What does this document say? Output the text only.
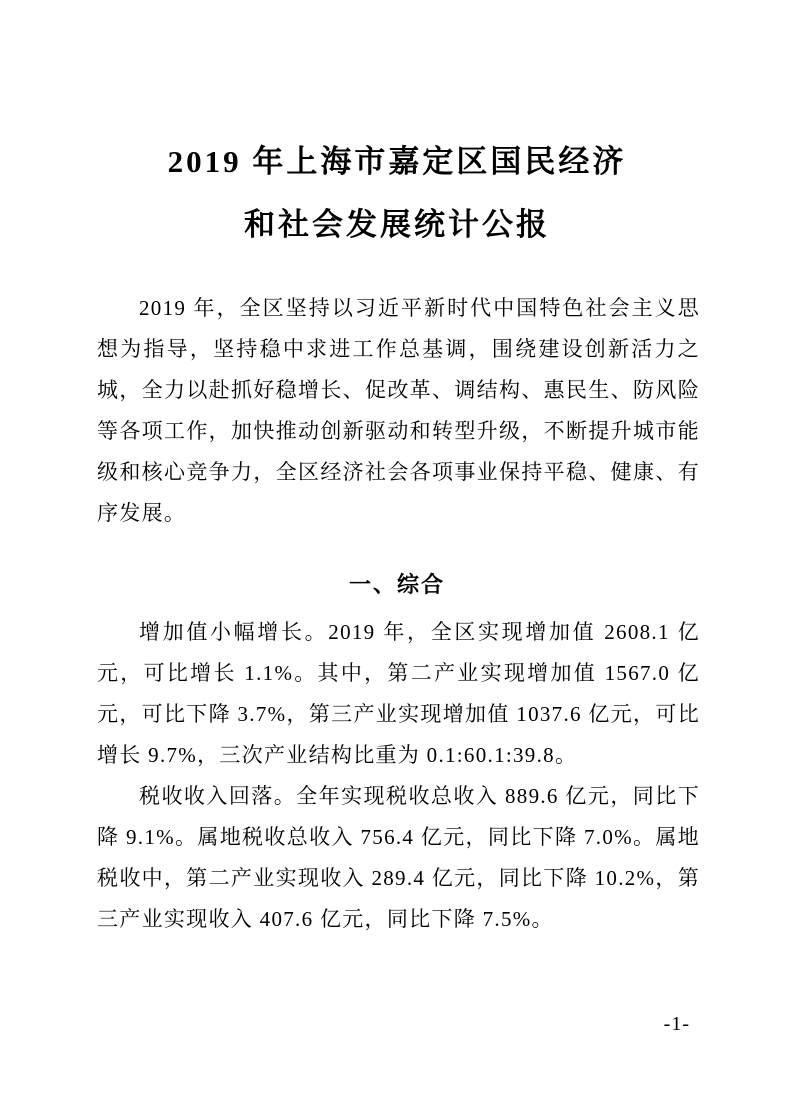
2019 年上海市嘉定区国民经济
和社会发展统计公报

2019 年，全区坚持以习近平新时代中国特色社会主义思想为指导，坚持稳中求进工作总基调，围绕建设创新活力之城，全力以赴抓好稳增长、促改革、调结构、惠民生、防风险等各项工作，加快推动创新驱动和转型升级，不断提升城市能级和核心竞争力，全区经济社会各项事业保持平稳、健康、有序发展。

一、综合

增加值小幅增长。2019 年，全区实现增加值 2608.1 亿元，可比增长 1.1%。其中，第二产业实现增加值 1567.0 亿元，可比下降 3.7%，第三产业实现增加值 1037.6 亿元，可比增长 9.7%，三次产业结构比重为 0.1:60.1:39.8。

税收收入回落。全年实现税收总收入 889.6 亿元，同比下降 9.1%。属地税收总收入 756.4 亿元，同比下降 7.0%。属地税收中，第二产业实现收入 289.4 亿元，同比下降 10.2%，第三产业实现收入 407.6 亿元，同比下降 7.5%。

-1-
